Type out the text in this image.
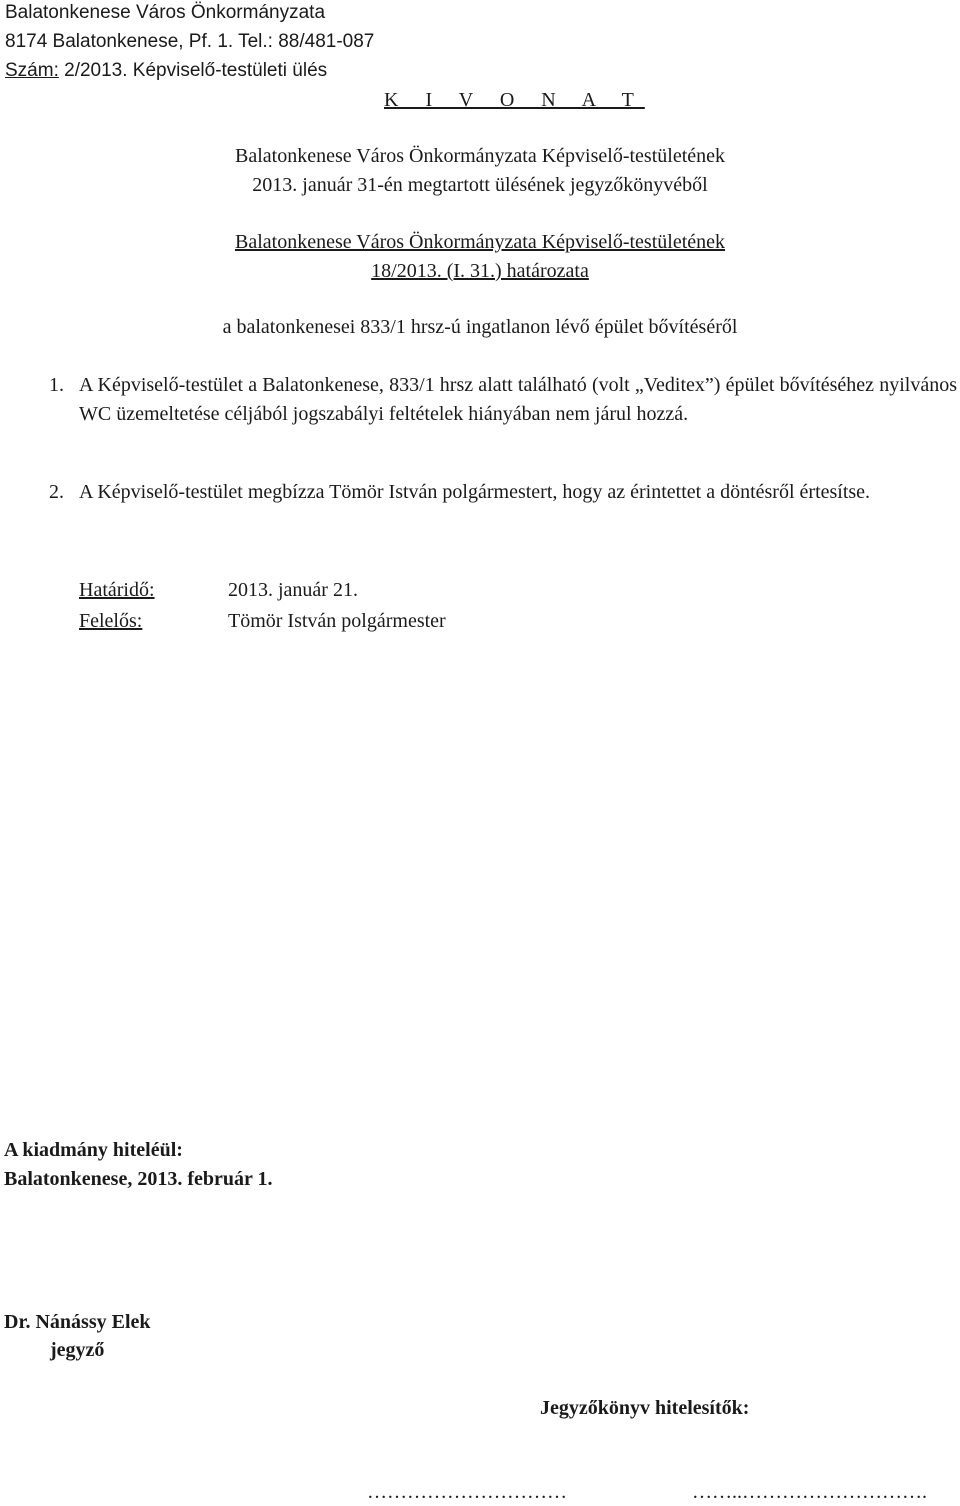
Balatonkenese Város Önkormányzata
8174 Balatonkenese, Pf. 1. Tel.: 88/481-087
Szám: 2/2013. Képviselő-testületi ülés
K I V O N A T
Balatonkenese Város Önkormányzata Képviselő-testületének
2013. január 31-én megtartott ülésének jegyzőkönyvéből
Balatonkenese Város Önkormányzata Képviselő-testületének
18/2013. (I. 31.) határozata
a balatonkenesei 833/1 hrsz-ú ingatlanon lévő épület bővítéséről
1. A Képviselő-testület a Balatonkenese, 833/1 hrsz alatt található (volt „Veditex”) épület bővítéséhez nyilvános WC üzemeltetése céljából jogszabályi feltételek hiányában nem járul hozzá.
2. A Képviselő-testület megbízza Tömör István polgármestert, hogy az érintettet a döntésről értesítse.
Határidő:	2013. január 21.
Felelős:	Tömör István polgármester
A kiadmány hiteléül:
Balatonkenese, 2013. február 1.
Dr. Nánássy Elek
jegyző
Jegyzőkönyv hitelesítők:
…………………………	……..……………………….
